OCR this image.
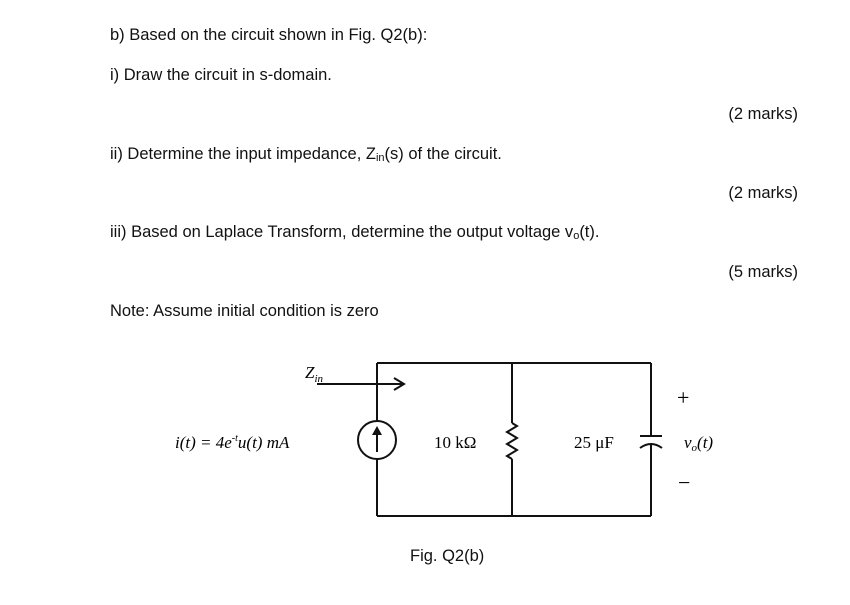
b) Based on the circuit shown in Fig. Q2(b):
i) Draw the circuit in s-domain.
(2 marks)
ii) Determine the input impedance, $Z_{in}(s)$ of the circuit.
(2 marks)
iii) Based on Laplace Transform, determine the output voltage $v_o(t)$.
(5 marks)
Note: Assume initial condition is zero
$Z_{in}$
$i(t) = 4e^{-t}u(t)$ mA	10 kΩ	25 μF
+
vo(t)
−
Fig. Q2(b)
